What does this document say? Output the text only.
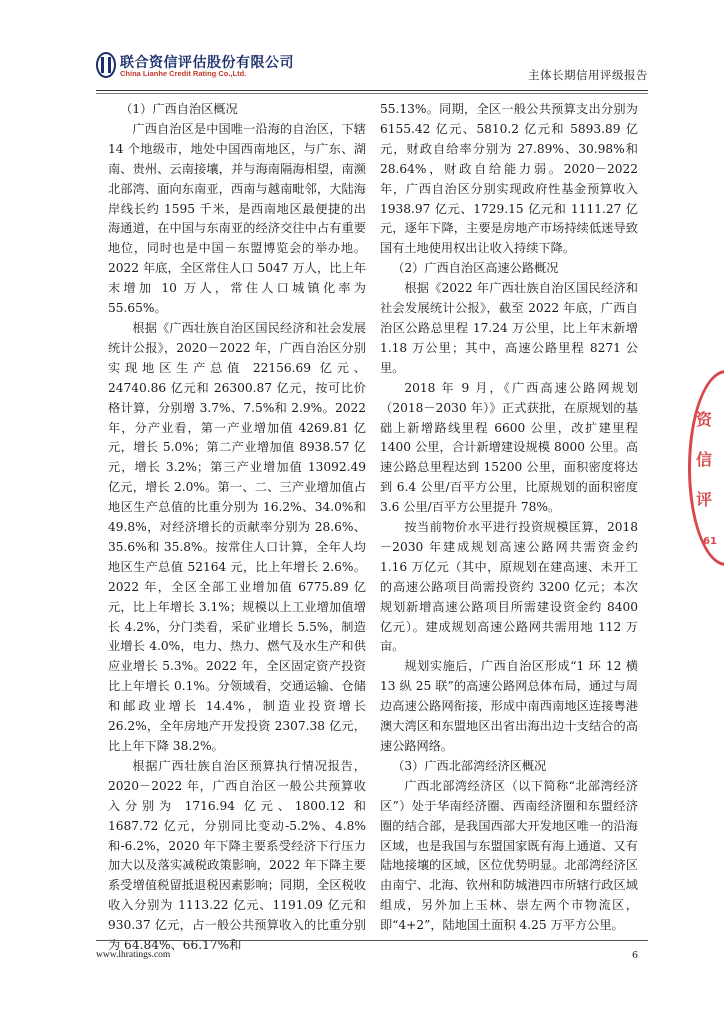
联合资信评估股份有限公司
China Lianhe Credit Rating Co.,Ltd.	主体长期信用评级报告

（1）广西自治区概况

广西自治区是中国唯一沿海的自治区，下辖 14 个地级市，地处中国西南地区，与广东、湖南、贵州、云南接壤，并与海南隔海相望，南濒北部湾、面向东南亚，西南与越南毗邻，大陆海岸线长约 1595 千米，是西南地区最便捷的出海通道，在中国与东南亚的经济交往中占有重要地位，同时也是中国－东盟博览会的举办地。2022 年底，全区常住人口 5047 万人，比上年末增加 10 万人，常住人口城镇化率为 55.65%。

根据《广西壮族自治区国民经济和社会发展统计公报》，2020－2022 年，广西自治区分别实现地区生产总值 22156.69 亿元、24740.86 亿元和 26300.87 亿元，按可比价格计算，分别增 3.7%、7.5%和 2.9%。2022 年，分产业看，第一产业增加值 4269.81 亿元，增长 5.0%；第二产业增加值 8938.57 亿元，增长 3.2%；第三产业增加值 13092.49 亿元，增长 2.0%。第一、二、三产业增加值占地区生产总值的比重分别为 16.2%、34.0%和 49.8%，对经济增长的贡献率分别为 28.6%、35.6%和 35.8%。按常住人口计算，全年人均地区生产总值 52164 元，比上年增长 2.6%。2022 年，全区全部工业增加值 6775.89 亿元，比上年增长 3.1%；规模以上工业增加值增长 4.2%，分门类看，采矿业增长 5.5%，制造业增长 4.0%，电力、热力、燃气及水生产和供应业增长 5.3%。2022 年，全区固定资产投资比上年增长 0.1%。分领域看，交通运输、仓储和邮政业增长 14.4%，制造业投资增长 26.2%，全年房地产开发投资 2307.38 亿元，比上年下降 38.2%。

根据广西壮族自治区预算执行情况报告，2020－2022 年，广西自治区一般公共预算收入分别为 1716.94 亿元、1800.12 和 1687.72 亿元，分别同比变动-5.2%、4.8%和-6.2%，2020 年下降主要系受经济下行压力加大以及落实减税政策影响，2022 年下降主要系受增值税留抵退税因素影响；同期，全区税收收入分别为 1113.22 亿元、1191.09 亿元和 930.37 亿元，占一般公共预算收入的比重分别为 64.84%、66.17%和

55.13%。同期，全区一般公共预算支出分别为 6155.42 亿元、5810.2 亿元和 5893.89 亿元，财政自给率分别为 27.89%、30.98%和 28.64%，财政自给能力弱。2020－2022 年，广西自治区分别实现政府性基金预算收入 1938.97 亿元、1729.15 亿元和 1111.27 亿元，逐年下降，主要是房地产市场持续低迷导致国有土地使用权出让收入持续下降。

（2）广西自治区高速公路概况

根据《2022 年广西壮族自治区国民经济和社会发展统计公报》，截至 2022 年底，广西自治区公路总里程 17.24 万公里，比上年末新增 1.18 万公里；其中，高速公路里程 8271 公里。

2018 年 9 月，《广西高速公路网规划（2018－2030 年）》正式获批，在原规划的基础上新增路线里程 6600 公里，改扩建里程 1400 公里，合计新增建设规模 8000 公里。高速公路总里程达到 15200 公里，面积密度将达到 6.4 公里/百平方公里，比原规划的面积密度 3.6 公里/百平方公里提升 78%。

按当前物价水平进行投资规模匡算，2018－2030 年建成规划高速公路网共需资金约 1.16 万亿元（其中，原规划在建高速、未开工的高速公路项目尚需投资约 3200 亿元；本次规划新增高速公路项目所需建设资金约 8400 亿元）。建成规划高速公路网共需用地 112 万亩。

规划实施后，广西自治区形成“1 环 12 横 13 纵 25 联”的高速公路网总体布局，通过与周边高速公路网衔接，形成中南西南地区连接粤港澳大湾区和东盟地区出省出海出边十支结合的高速公路网络。

（3）广西北部湾经济区概况

广西北部湾经济区（以下简称“北部湾经济区”）处于华南经济圈、西南经济圈和东盟经济圈的结合部，是我国西部大开发地区唯一的沿海区域，也是我国与东盟国家既有海上通道、又有陆地接壤的区域，区位优势明显。北部湾经济区由南宁、北海、钦州和防城港四市所辖行政区域组成，另外加上玉林、崇左两个市物流区，即“4+2”，陆地国土面积 4.25 万平方公里。

资信评
61
www.lhratings.com	6
